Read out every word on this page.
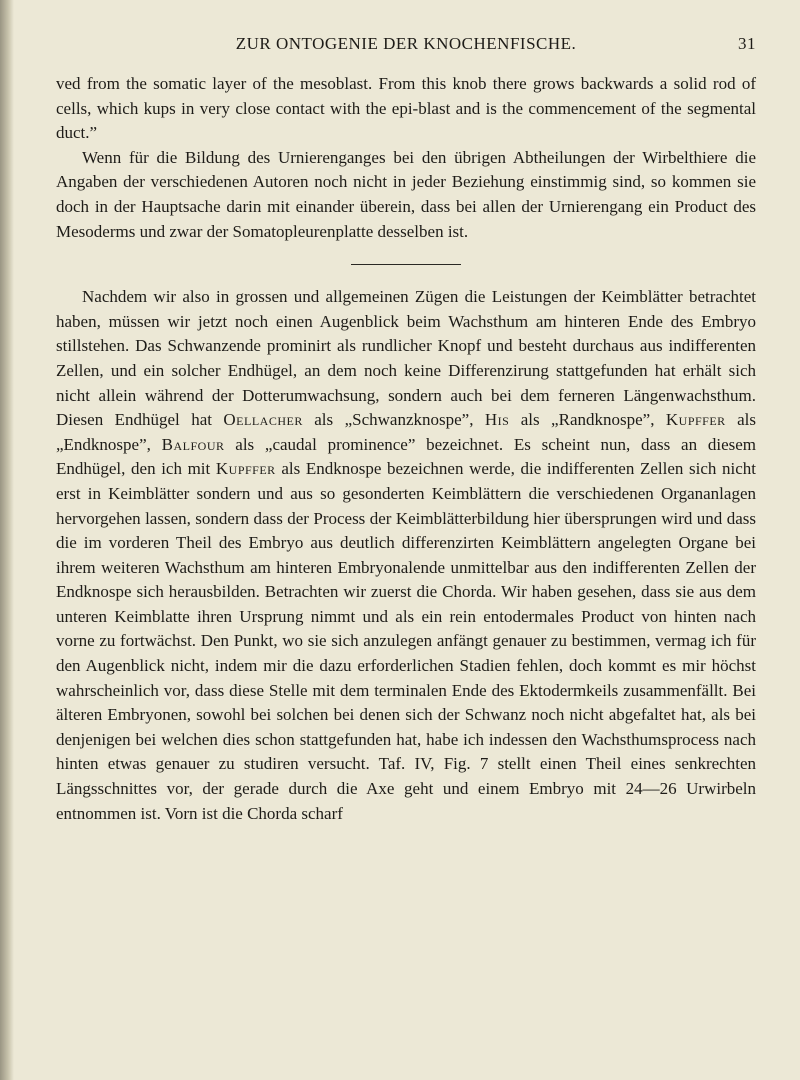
ZUR ONTOGENIE DER KNOCHENFISCHE.	31

ved from the somatic layer of the mesoblast. From this knob there grows backwards a solid rod of cells, which kups in very close contact with the epi-blast and is the commencement of the segmental duct.”

Wenn für die Bildung des Urnierenganges bei den übrigen Abtheilungen der Wirbelthiere die Angaben der verschiedenen Autoren noch nicht in jeder Beziehung einstimmig sind, so kommen sie doch in der Hauptsache darin mit einander überein, dass bei allen der Urnierengang ein Product des Mesoderms und zwar der Somatopleurenplatte desselben ist.

Nachdem wir also in grossen und allgemeinen Zügen die Leistungen der Keimblätter betrachtet haben, müssen wir jetzt noch einen Augenblick beim Wachsthum am hinteren Ende des Embryo stillstehen. Das Schwanzende prominirt als rundlicher Knopf und besteht durchaus aus indifferenten Zellen, und ein solcher Endhügel, an dem noch keine Differenzirung stattgefunden hat erhält sich nicht allein während der Dotterumwachsung, sondern auch bei dem ferneren Längenwachsthum. Diesen Endhügel hat Oellacher als „Schwanzknospe”, His als „Randknospe”, Kupffer als „Endknospe”, Balfour als „caudal prominence” bezeichnet. Es scheint nun, dass an diesem Endhügel, den ich mit Kupffer als Endknospe bezeichnen werde, die indifferenten Zellen sich nicht erst in Keimblätter sondern und aus so gesonderten Keimblättern die verschiedenen Organanlagen hervorgehen lassen, sondern dass der Process der Keimblätterbildung hier übersprungen wird und dass die im vorderen Theil des Embryo aus deutlich differenzirten Keimblättern angelegten Organe bei ihrem weiteren Wachsthum am hinteren Embryonalende unmittelbar aus den indifferenten Zellen der Endknospe sich herausbilden. Betrachten wir zuerst die Chorda. Wir haben gesehen, dass sie aus dem unteren Keimblatte ihren Ursprung nimmt und als ein rein entodermales Product von hinten nach vorne zu fortwächst. Den Punkt, wo sie sich anzulegen anfängt genauer zu bestimmen, vermag ich für den Augenblick nicht, indem mir die dazu erforderlichen Stadien fehlen, doch kommt es mir höchst wahrscheinlich vor, dass diese Stelle mit dem terminalen Ende des Ektodermkeils zusammenfällt. Bei älteren Embryonen, sowohl bei solchen bei denen sich der Schwanz noch nicht abgefaltet hat, als bei denjenigen bei welchen dies schon stattgefunden hat, habe ich indessen den Wachsthumsprocess nach hinten etwas genauer zu studiren versucht. Taf. IV, Fig. 7 stellt einen Theil eines senkrechten Längsschnittes vor, der gerade durch die Axe geht und einem Embryo mit 24—26 Urwirbeln entnommen ist. Vorn ist die Chorda scharf
